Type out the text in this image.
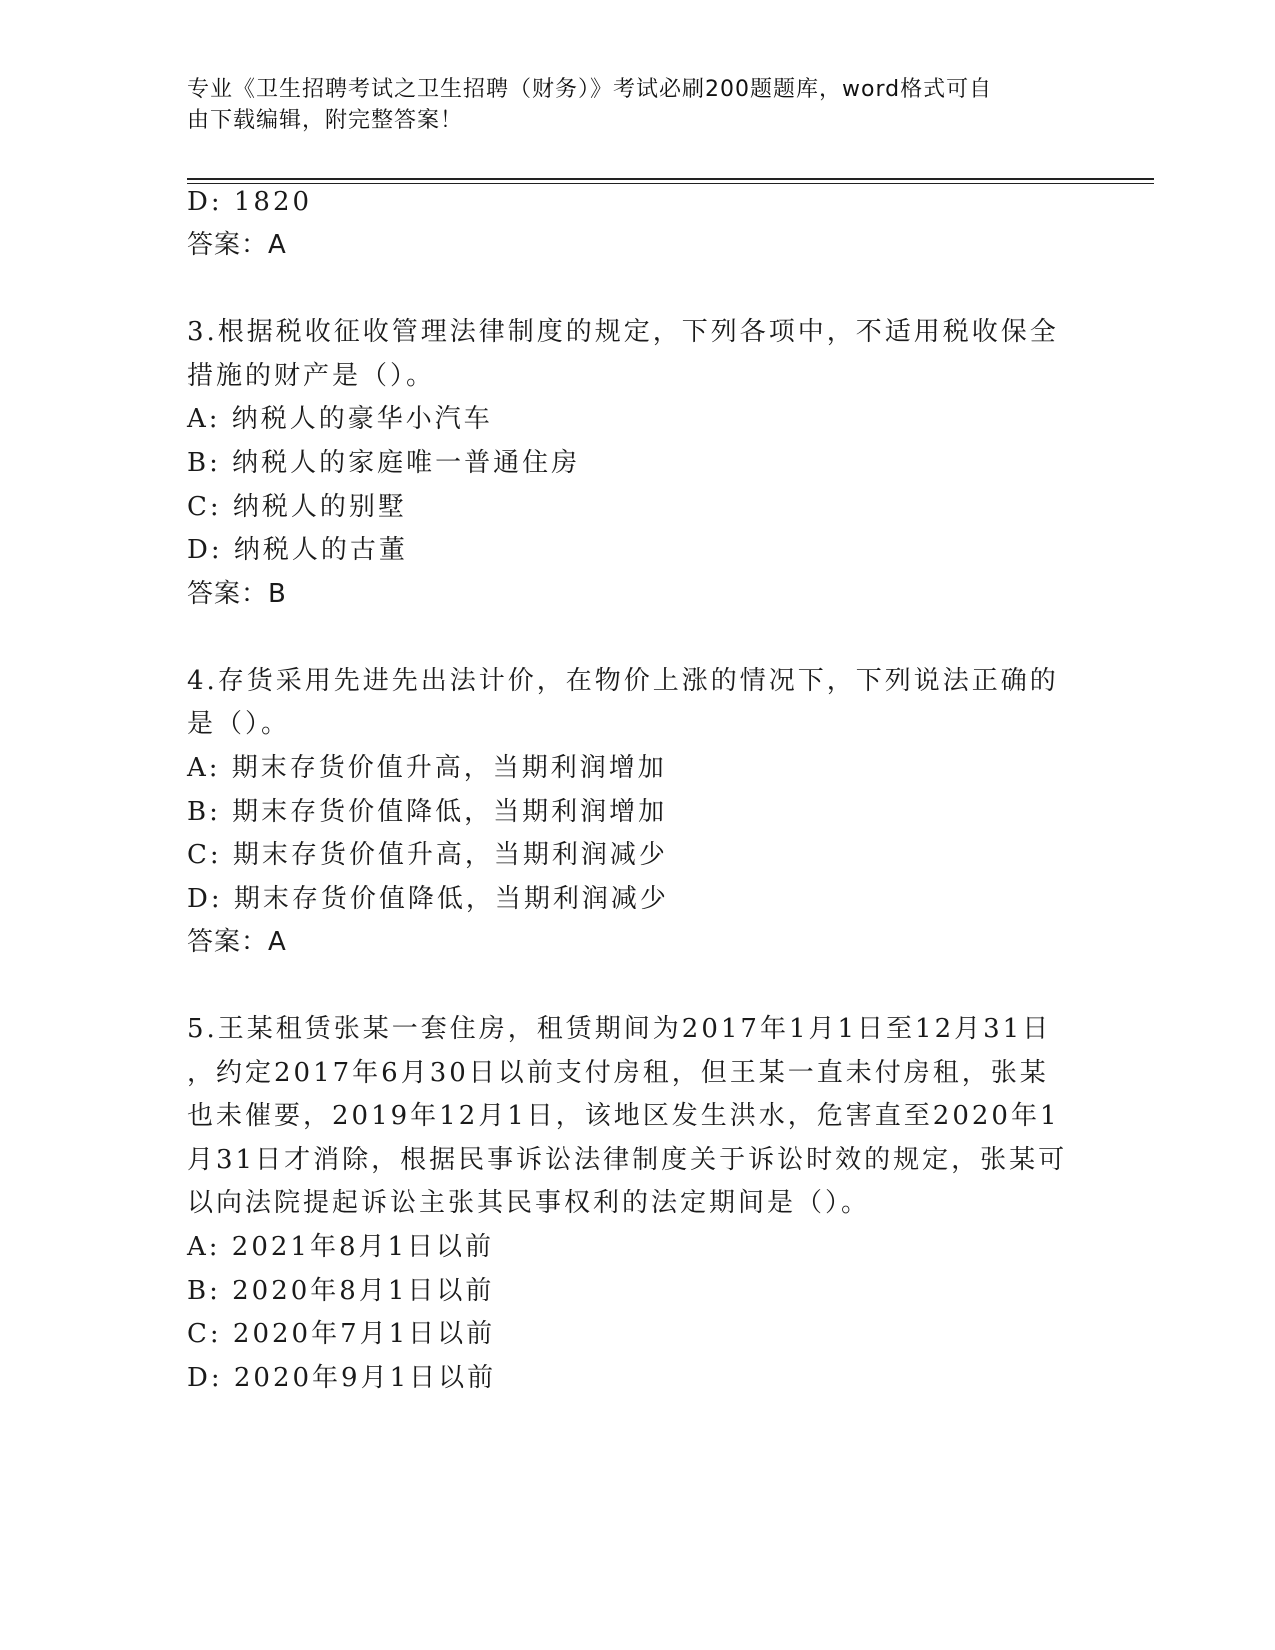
专业《卫生招聘考试之卫生招聘（财务）》考试必刷200题题库，word格式可自
由下载编辑，附完整答案！
D: 1820
答案：A
3.根据税收征收管理法律制度的规定，下列各项中，不适用税收保全
措施的财产是（）。
A: 纳税人的豪华小汽车
B: 纳税人的家庭唯一普通住房
C: 纳税人的别墅
D: 纳税人的古董
答案：B
4.存货采用先进先出法计价，在物价上涨的情况下，下列说法正确的
是（）。
A: 期末存货价值升高，当期利润增加
B: 期末存货价值降低，当期利润增加
C: 期末存货价值升高，当期利润减少
D: 期末存货价值降低，当期利润减少
答案：A
5.王某租赁张某一套住房，租赁期间为2017年1月1日至12月31日
，约定2017年6月30日以前支付房租，但王某一直未付房租，张某
也未催要，2019年12月1日，该地区发生洪水，危害直至2020年1
月31日才消除，根据民事诉讼法律制度关于诉讼时效的规定，张某可
以向法院提起诉讼主张其民事权利的法定期间是（）。
A: 2021年8月1日以前
B: 2020年8月1日以前
C: 2020年7月1日以前
D: 2020年9月1日以前
